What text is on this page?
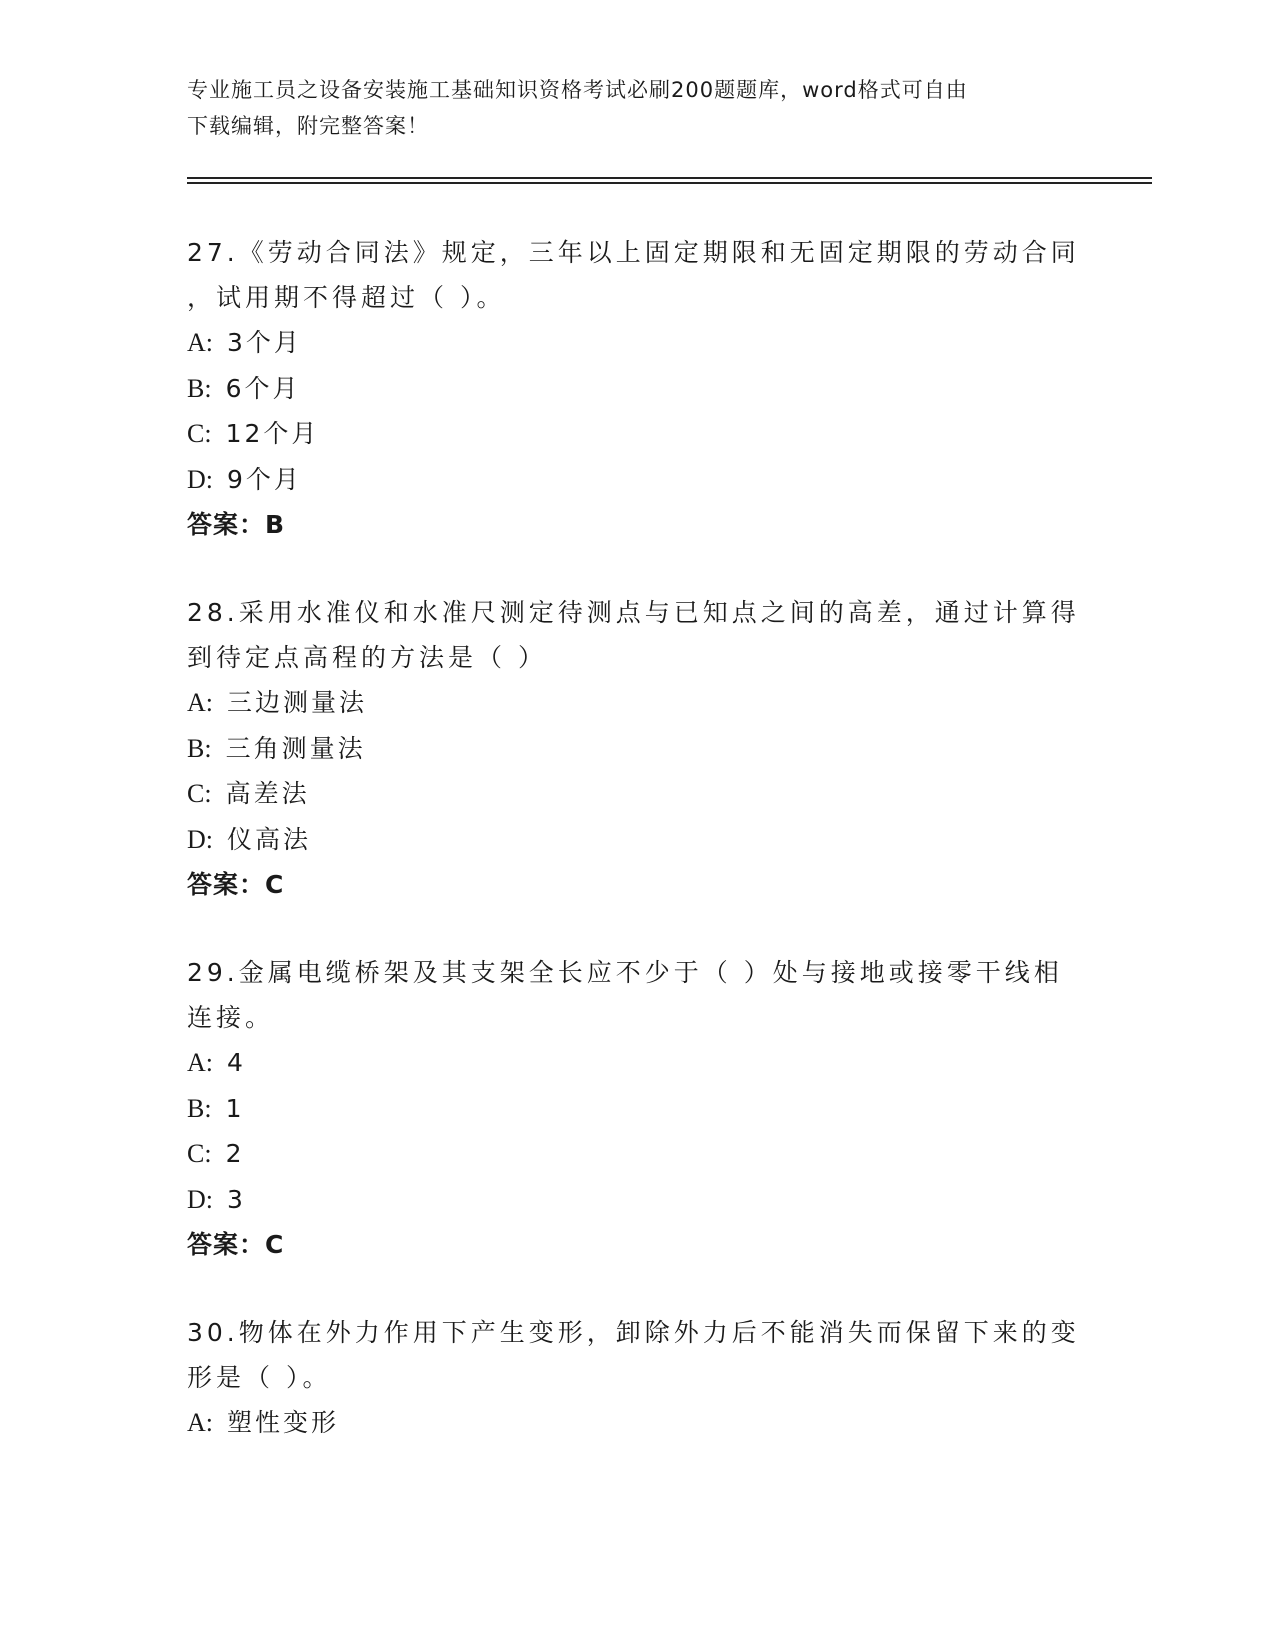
专业施工员之设备安装施工基础知识资格考试必刷200题题库，word格式可自由
下载编辑，附完整答案！
27.《劳动合同法》规定，三年以上固定期限和无固定期限的劳动合同
，试用期不得超过（ ）。
A: 3个月
B: 6个月
C: 12个月
D: 9个月
答案：B
28.采用水准仪和水准尺测定待测点与已知点之间的高差，通过计算得
到待定点高程的方法是（ ）
A: 三边测量法
B: 三角测量法
C: 高差法
D: 仪高法
答案：C
29.金属电缆桥架及其支架全长应不少于（ ）处与接地或接零干线相
连接。
A: 4
B: 1
C: 2
D: 3
答案：C
30.物体在外力作用下产生变形，卸除外力后不能消失而保留下来的变
形是（ ）。
A: 塑性变形
